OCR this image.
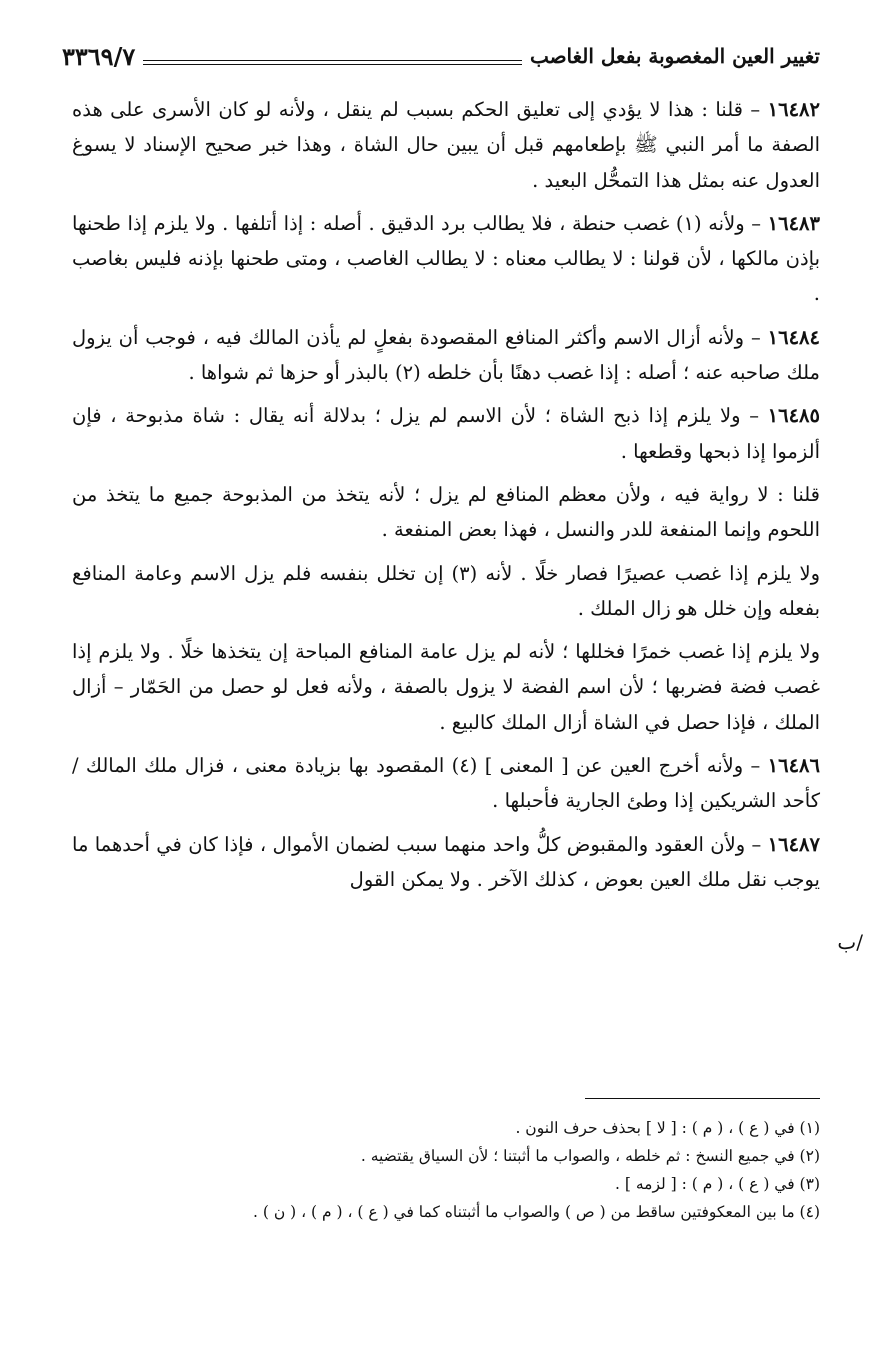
تغيير العين المغصوبة بفعل الغاصب
٣٣٦٩/٧

١٦٤٨٢ – قلنا : هذا لا يؤدي إلى تعليق الحكم بسبب لم ينقل ، ولأنه لو كان الأسرى على هذه الصفة ما أمر النبي ﷺ بإطعامهم قبل أن يبين حال الشاة ، وهذا خبر صحيح الإسناد لا يسوغ العدول عنه بمثل هذا التمحُّل البعيد .

١٦٤٨٣ – ولأنه (١) غصب حنطة ، فلا يطالب برد الدقيق . أصله : إذا أتلفها . ولا يلزم إذا طحنها بإذن مالكها ، لأن قولنا : لا يطالب معناه : لا يطالب الغاصب ، ومتى طحنها بإذنه فليس بغاصب .

١٦٤٨٤ – ولأنه أزال الاسم وأكثر المنافع المقصودة بفعلٍ لم يأذن المالك فيه ، فوجب أن يزول ملك صاحبه عنه ؛ أصله : إذا غصب دهنًا بأن خلطه (٢) بالبذر أو حزها ثم شواها .

١٦٤٨٥ – ولا يلزم إذا ذبح الشاة ؛ لأن الاسم لم يزل ؛ بدلالة أنه يقال : شاة مذبوحة ، فإن ألزموا إذا ذبحها وقطعها .

قلنا : لا رواية فيه ، ولأن معظم المنافع لم يزل ؛ لأنه يتخذ من المذبوحة جميع ما يتخذ من اللحوم وإنما المنفعة للدر والنسل ، فهذا بعض المنفعة .

ولا يلزم إذا غصب عصيرًا فصار خلًا . لأنه (٣) إن تخلل بنفسه فلم يزل الاسم وعامة المنافع بفعله وإن خلل هو زال الملك .

ولا يلزم إذا غصب خمرًا فخللها ؛ لأنه لم يزل عامة المنافع المباحة إن يتخذها خلًا . ولا يلزم إذا غصب فضة فضربها ؛ لأن اسم الفضة لا يزول بالصفة ، ولأنه فعل لو حصل من الحَمّار – أزال الملك ، فإذا حصل في الشاة أزال الملك كالبيع .

١٦٤٨٦ – ولأنه أخرج العين عن [ المعنى ] (٤) المقصود بها بزيادة معنى ، فزال ملك المالك / كأحد الشريكين إذا وطئ الجارية فأحبلها .

١٦٤٨٧ – ولأن العقود والمقبوض كلُّ واحد منهما سبب لضمان الأموال ، فإذا كان في أحدهما ما يوجب نقل ملك العين بعوض ، كذلك الآخر . ولا يمكن القول

/ب
(١) في ( ع ) ، ( م ) : [ لا ] بحذف حرف النون .
(٢) في جميع النسخ : ثم خلطه ، والصواب ما أثبتنا ؛ لأن السياق يقتضيه .
(٣) في ( ع ) ، ( م ) : [ لزمه ] .
(٤) ما بين المعكوفتين ساقط من ( ص ) والصواب ما أثبتناه كما في ( ع ) ، ( م ) ، ( ن ) .
